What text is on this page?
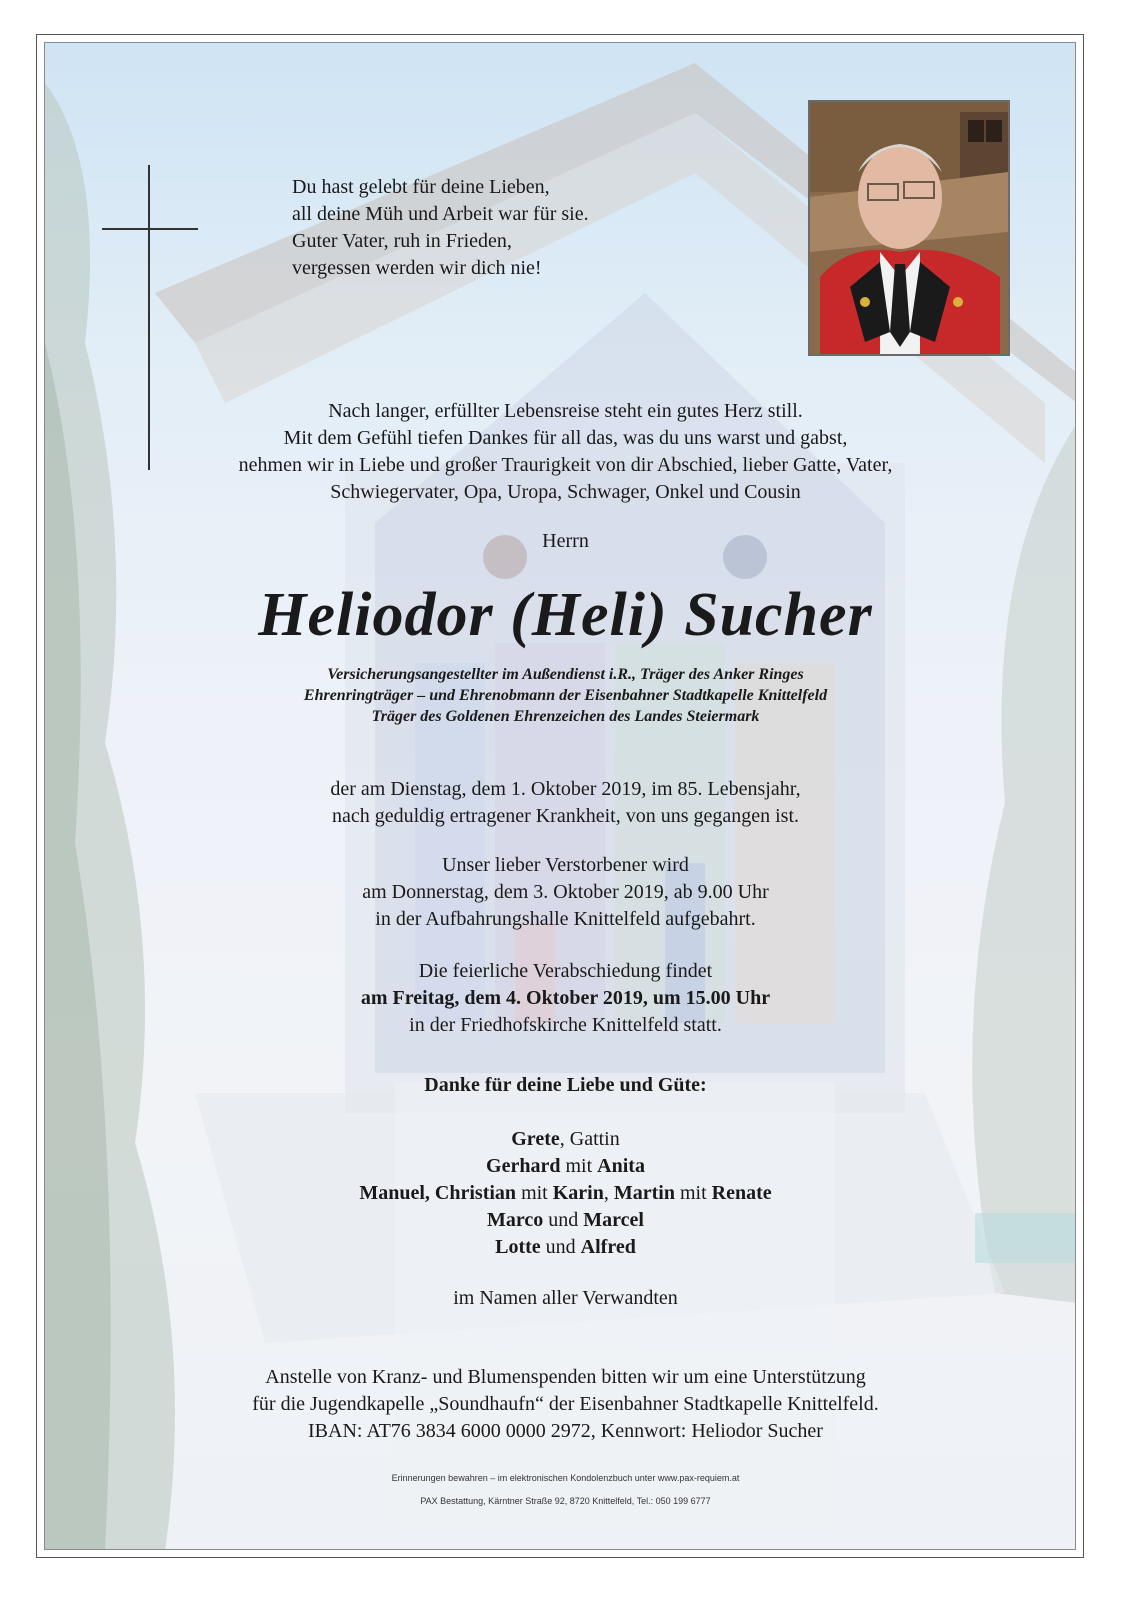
Du hast gelebt für deine Lieben,
all deine Müh und Arbeit war für sie.
Guter Vater, ruh in Frieden,
vergessen werden wir dich nie!
Nach langer, erfüllter Lebensreise steht ein gutes Herz still.
Mit dem Gefühl tiefen Dankes für all das, was du uns warst und gabst,
nehmen wir in Liebe und großer Traurigkeit von dir Abschied, lieber Gatte, Vater,
Schwiegervater, Opa, Uropa, Schwager, Onkel und Cousin
Herrn
Heliodor (Heli) Sucher
Versicherungsangestellter im Außendienst i.R., Träger des Anker Ringes
Ehrenringträger – und Ehrenobmann der Eisenbahner Stadtkapelle Knittelfeld
Träger des Goldenen Ehrenzeichen des Landes Steiermark
der am Dienstag, dem 1. Oktober 2019, im 85. Lebensjahr,
nach geduldig ertragener Krankheit, von uns gegangen ist.
Unser lieber Verstorbener wird
am Donnerstag, dem 3. Oktober 2019, ab 9.00 Uhr
in der Aufbahrungshalle Knittelfeld aufgebahrt.
Die feierliche Verabschiedung findet
am Freitag, dem 4. Oktober 2019, um 15.00 Uhr
in der Friedhofskirche Knittelfeld statt.
Danke für deine Liebe und Güte:
Grete, Gattin
Gerhard mit Anita
Manuel, Christian mit Karin, Martin mit Renate
Marco und Marcel
Lotte und Alfred
im Namen aller Verwandten
Anstelle von Kranz- und Blumenspenden bitten wir um eine Unterstützung
für die Jugendkapelle „Soundhaufn“ der Eisenbahner Stadtkapelle Knittelfeld.
IBAN: AT76 3834 6000 0000 2972, Kennwort: Heliodor Sucher
Erinnerungen bewahren – im elektronischen Kondolenzbuch unter www.pax-requiem.at
PAX Bestattung, Kärntner Straße 92, 8720 Knittelfeld, Tel.: 050 199 6777
